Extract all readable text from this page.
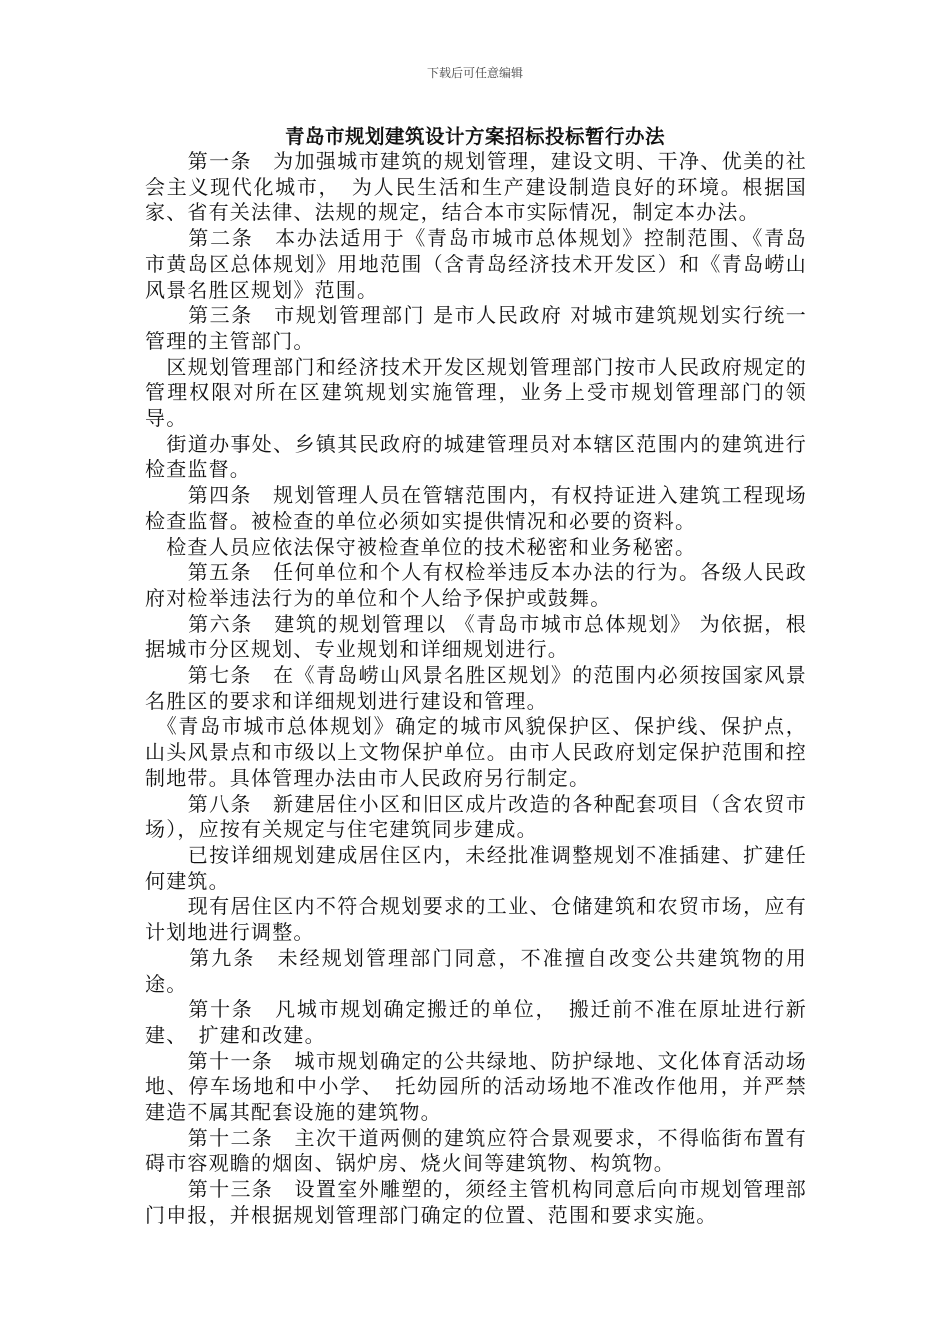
下载后可任意编辑
青岛市规划建筑设计方案招标投标暂行办法

　　第一条　为加强城市建筑的规划管理，建设文明、干净、优美的社会主义现代化城市，　为人民生活和生产建设制造良好的环境。根据国家、省有关法律、法规的规定，结合本市实际情况，制定本办法。

　　第二条　本办法适用于《青岛市城市总体规划》控制范围、《青岛市黄岛区总体规划》用地范围（含青岛经济技术开发区）和《青岛崂山风景名胜区规划》范围。

　　第三条　市规划管理部门 是市人民政府 对城市建筑规划实行统一管理的主管部门。

　区规划管理部门和经济技术开发区规划管理部门按市人民政府规定的管理权限对所在区建筑规划实施管理，业务上受市规划管理部门的领导。

　街道办事处、乡镇其民政府的城建管理员对本辖区范围内的建筑进行检查监督。

　　第四条　规划管理人员在管辖范围内，有权持证进入建筑工程现场检查监督。被检查的单位必须如实提供情况和必要的资料。

　检查人员应依法保守被检查单位的技术秘密和业务秘密。

　　第五条　任何单位和个人有权检举违反本办法的行为。各级人民政府对检举违法行为的单位和个人给予保护或鼓舞。

　　第六条　建筑的规划管理以 《青岛市城市总体规划》 为依据，根据城市分区规划、专业规划和详细规划进行。

　　第七条　在《青岛崂山风景名胜区规划》的范围内必须按国家风景名胜区的要求和详细规划进行建设和管理。

　《青岛市城市总体规划》确定的城市风貌保护区、保护线、保护点，山头风景点和市级以上文物保护单位。由市人民政府划定保护范围和控制地带。具体管理办法由市人民政府另行制定。

　　第八条　新建居住小区和旧区成片改造的各种配套项目（含农贸市场），应按有关规定与住宅建筑同步建成。

　　已按详细规划建成居住区内，未经批准调整规划不准插建、扩建任何建筑。

　　现有居住区内不符合规划要求的工业、仓储建筑和农贸市场，应有计划地进行调整。

　　第九条　未经规划管理部门同意，不准擅自改变公共建筑物的用途。

　　第十条　凡城市规划确定搬迁的单位，　搬迁前不准在原址进行新建、　扩建和改建。

　　第十一条　城市规划确定的公共绿地、防护绿地、文化体育活动场地、停车场地和中小学、　托幼园所的活动场地不准改作他用，并严禁建造不属其配套设施的建筑物。

　　第十二条　主次干道两侧的建筑应符合景观要求，不得临街布置有碍市容观瞻的烟囱、锅炉房、烧火间等建筑物、构筑物。

　　第十三条　设置室外雕塑的，须经主管机构同意后向市规划管理部门申报，并根据规划管理部门确定的位置、范围和要求实施。
